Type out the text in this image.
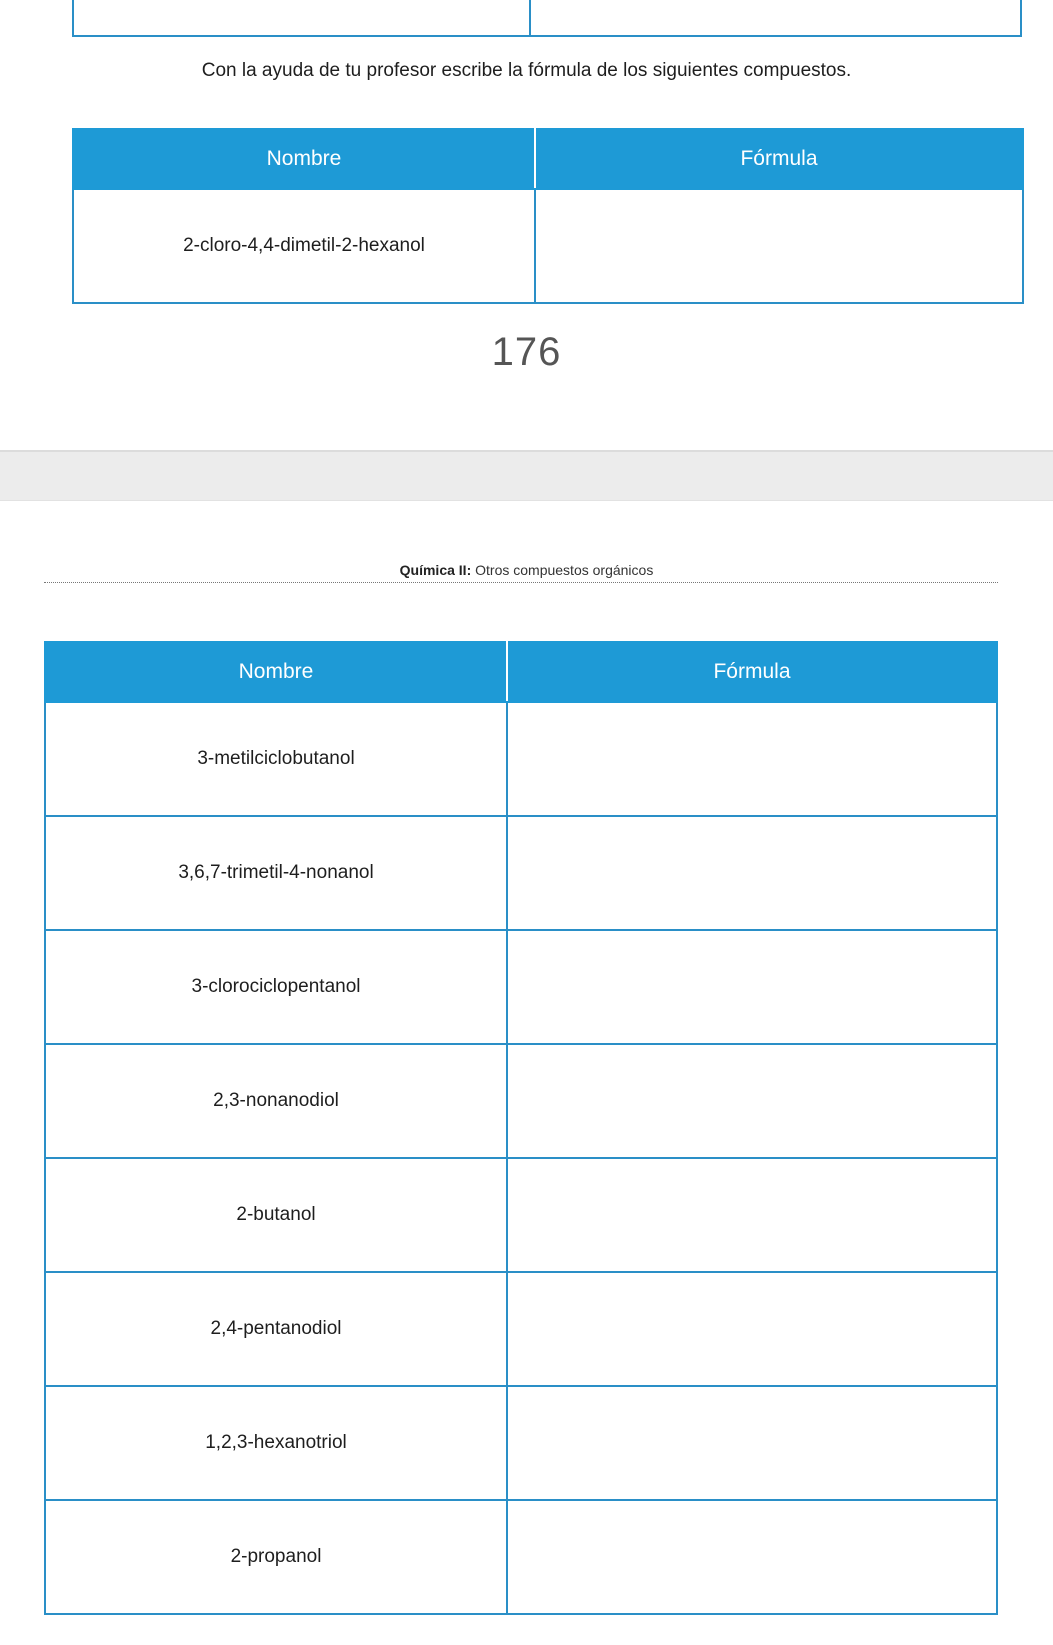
Con la ayuda de tu profesor escribe la fórmula de los siguientes compuestos.
Nombre	Fórmula
2-cloro-4,4-dimetil-2-hexanol	
176
Química II: Otros compuestos orgánicos
Nombre	Fórmula
3-metilciclobutanol	
3,6,7-trimetil-4-nonanol	
3-clorociclopentanol	
2,3-nonanodiol	
2-butanol	
2,4-pentanodiol	
1,2,3-hexanotriol	
2-propanol	
